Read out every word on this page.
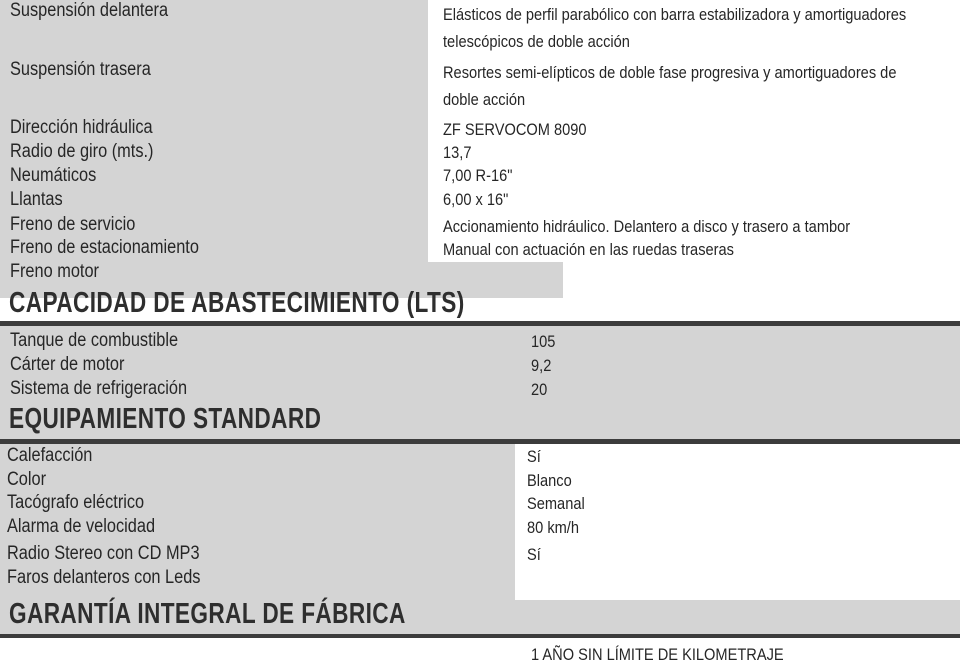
Suspensión delantera	Elásticos de perfil parabólico con barra estabilizadora y amortiguadores
telescópicos de doble acción
Suspensión trasera	Resortes semi-elípticos de doble fase progresiva y amortiguadores de
doble acción
Dirección hidráulica	ZF SERVOCOM 8090
Radio de giro (mts.)	13,7
Neumáticos	7,00 R-16"
Llantas	6,00 x 16"
Freno de servicio	Accionamiento hidráulico. Delantero a disco y trasero a tambor
Freno de estacionamiento	Manual con actuación en las ruedas traseras
Freno motor
CAPACIDAD DE ABASTECIMIENTO (LTS)
Tanque de combustible	105
Cárter de motor	9,2
Sistema de refrigeración	20
EQUIPAMIENTO STANDARD
Calefacción	Sí
Color	Blanco
Tacógrafo eléctrico	Semanal
Alarma de velocidad	80 km/h
Radio Stereo con CD MP3	Sí
Faros delanteros con Leds
GARANTÍA INTEGRAL DE FÁBRICA
1 AÑO SIN LÍMITE DE KILOMETRAJE
